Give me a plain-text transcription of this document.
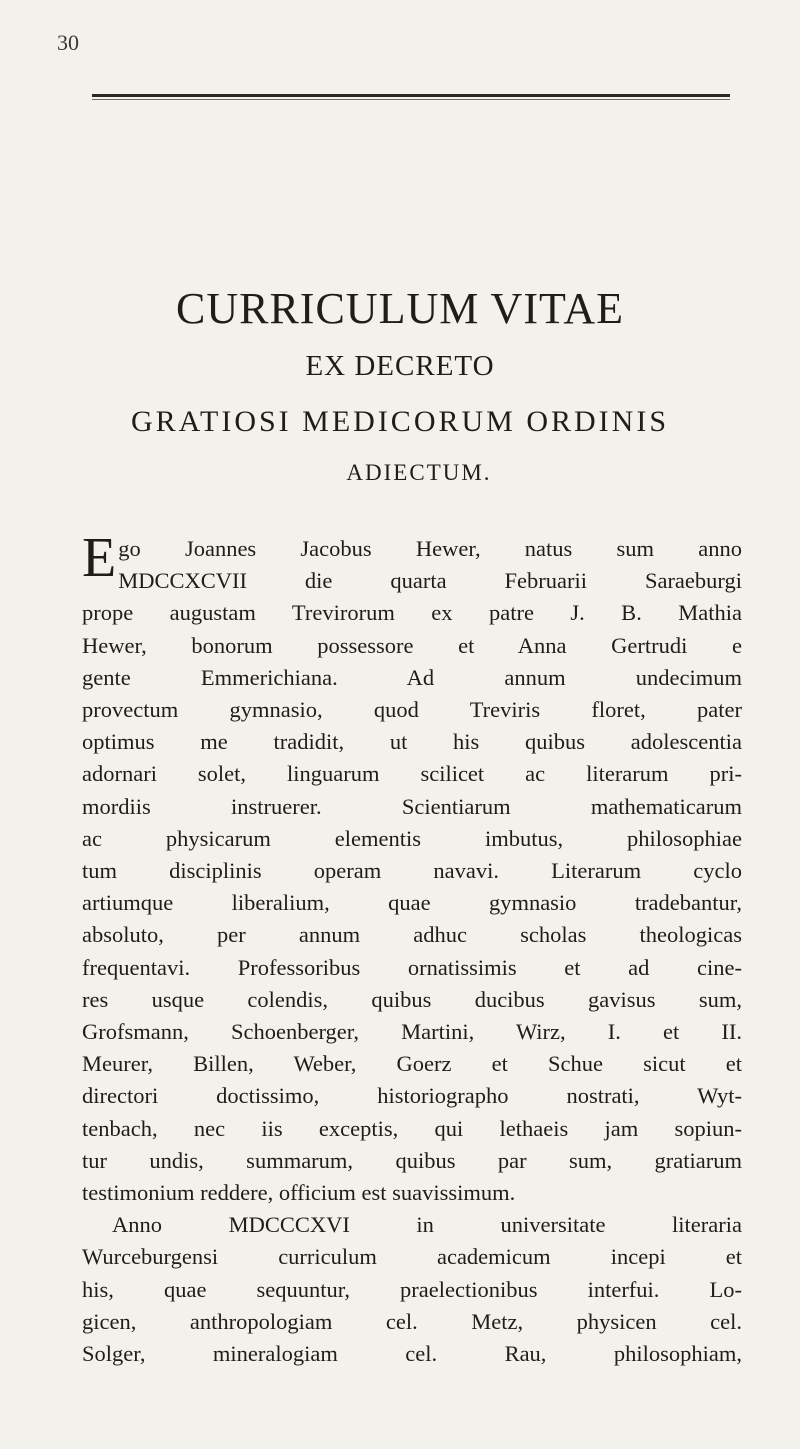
30
CURRICULUM VITAE
EX DECRETO
GRATIOSI MEDICORUM ORDINIS
ADIECTUM.
E go Joannes Jacobus Hewer, natus sum anno
MDCCXCVII die quarta Februarii Saraeburgi
prope augustam Trevirorum ex patre J. B. Mathia
Hewer, bonorum possessore et Anna Gertrudi e
gente Emmerichiana. Ad annum undecimum
provectum gymnasio, quod Treviris floret, pater
optimus me tradidit, ut his quibus adolescentia
adornari solet, linguarum scilicet ac literarum pri-
mordiis instruerer. Scientiarum mathematicarum
ac physicarum elementis imbutus, philosophiae
tum disciplinis operam navavi. Literarum cyclo
artiumque liberalium, quae gymnasio tradebantur,
absoluto, per annum adhuc scholas theologicas
frequentavi. Professoribus ornatissimis et ad cine-
res usque colendis, quibus ducibus gavisus sum,
Grofsmann, Schoenberger, Martini, Wirz, I. et II.
Meurer, Billen, Weber, Goerz et Schue sicut et
directori doctissimo, historiographo nostrati, Wyt-
tenbach, nec iis exceptis, qui lethaeis jam sopiun-
tur undis, summarum, quibus par sum, gratiarum
testimonium reddere, officium est suavissimum.
Anno MDCCCXVI in universitate literaria
Wurceburgensi curriculum academicum incepi et
his, quae sequuntur, praelectionibus interfui. Lo-
gicen, anthropologiam cel. Metz, physicen cel.
Solger, mineralogiam cel. Rau, philosophiam,
